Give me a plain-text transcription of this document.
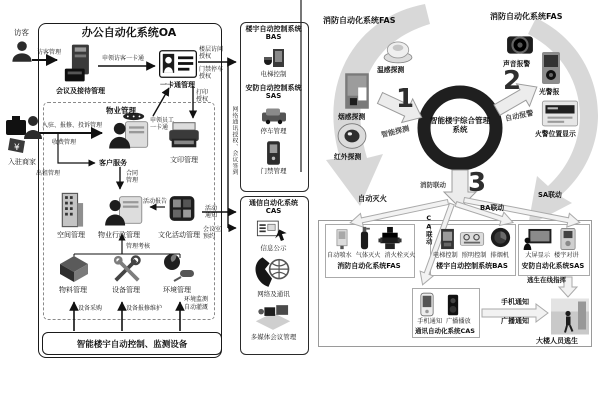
智能楼宇自动控制、监测设备
办公自动化系统OA
访客
访客管理
会议及接待管理
申领访客一卡通
一卡通管理
楼层访问授权
门禁停车授权
打印授权
物业管理
入驻、报修、投诉管理
收费管理
申领员工一卡通
客户服务
出租管理	合同管理
文印管理
入驻商家
空间管理 物业行政管理	文化活动管理
活动报告
活动通知
会议室预约
管理考核
物料管理	设备管理	环境管理
设备采购	设备报修维护
环境监测
自动灌溉
网络通讯授权、会议签到
楼宇自动控制系统BAS
电梯控制
安防自动控制系统SAS
停车管理
门禁管理
通信自动化系统CAS
信息公示
网络及通讯
多媒体会议管理
消防自动化系统FAS	消防自动化系统FAS
温感探测
烟感探测
红外探测
1
智能探测
智能楼宇综合管理系统
2
自动报警
声音报警
光警报
火警位置显示
3
消防联动
自动灭火
BA联动
SA联动
CA联动
自动喷水 气体灭火 消火栓灭火
消防自动化系统FAS
电梯控制 照明控制 排烟机
楼宇自动控制系统BAS
大屏显示 楼宇对讲
安防自动化系统SAS
逃生在线指挥
手机通知 广播播放
通讯自动化系统CAS
手机通知
广播通知
大楼人员逃生
¥
